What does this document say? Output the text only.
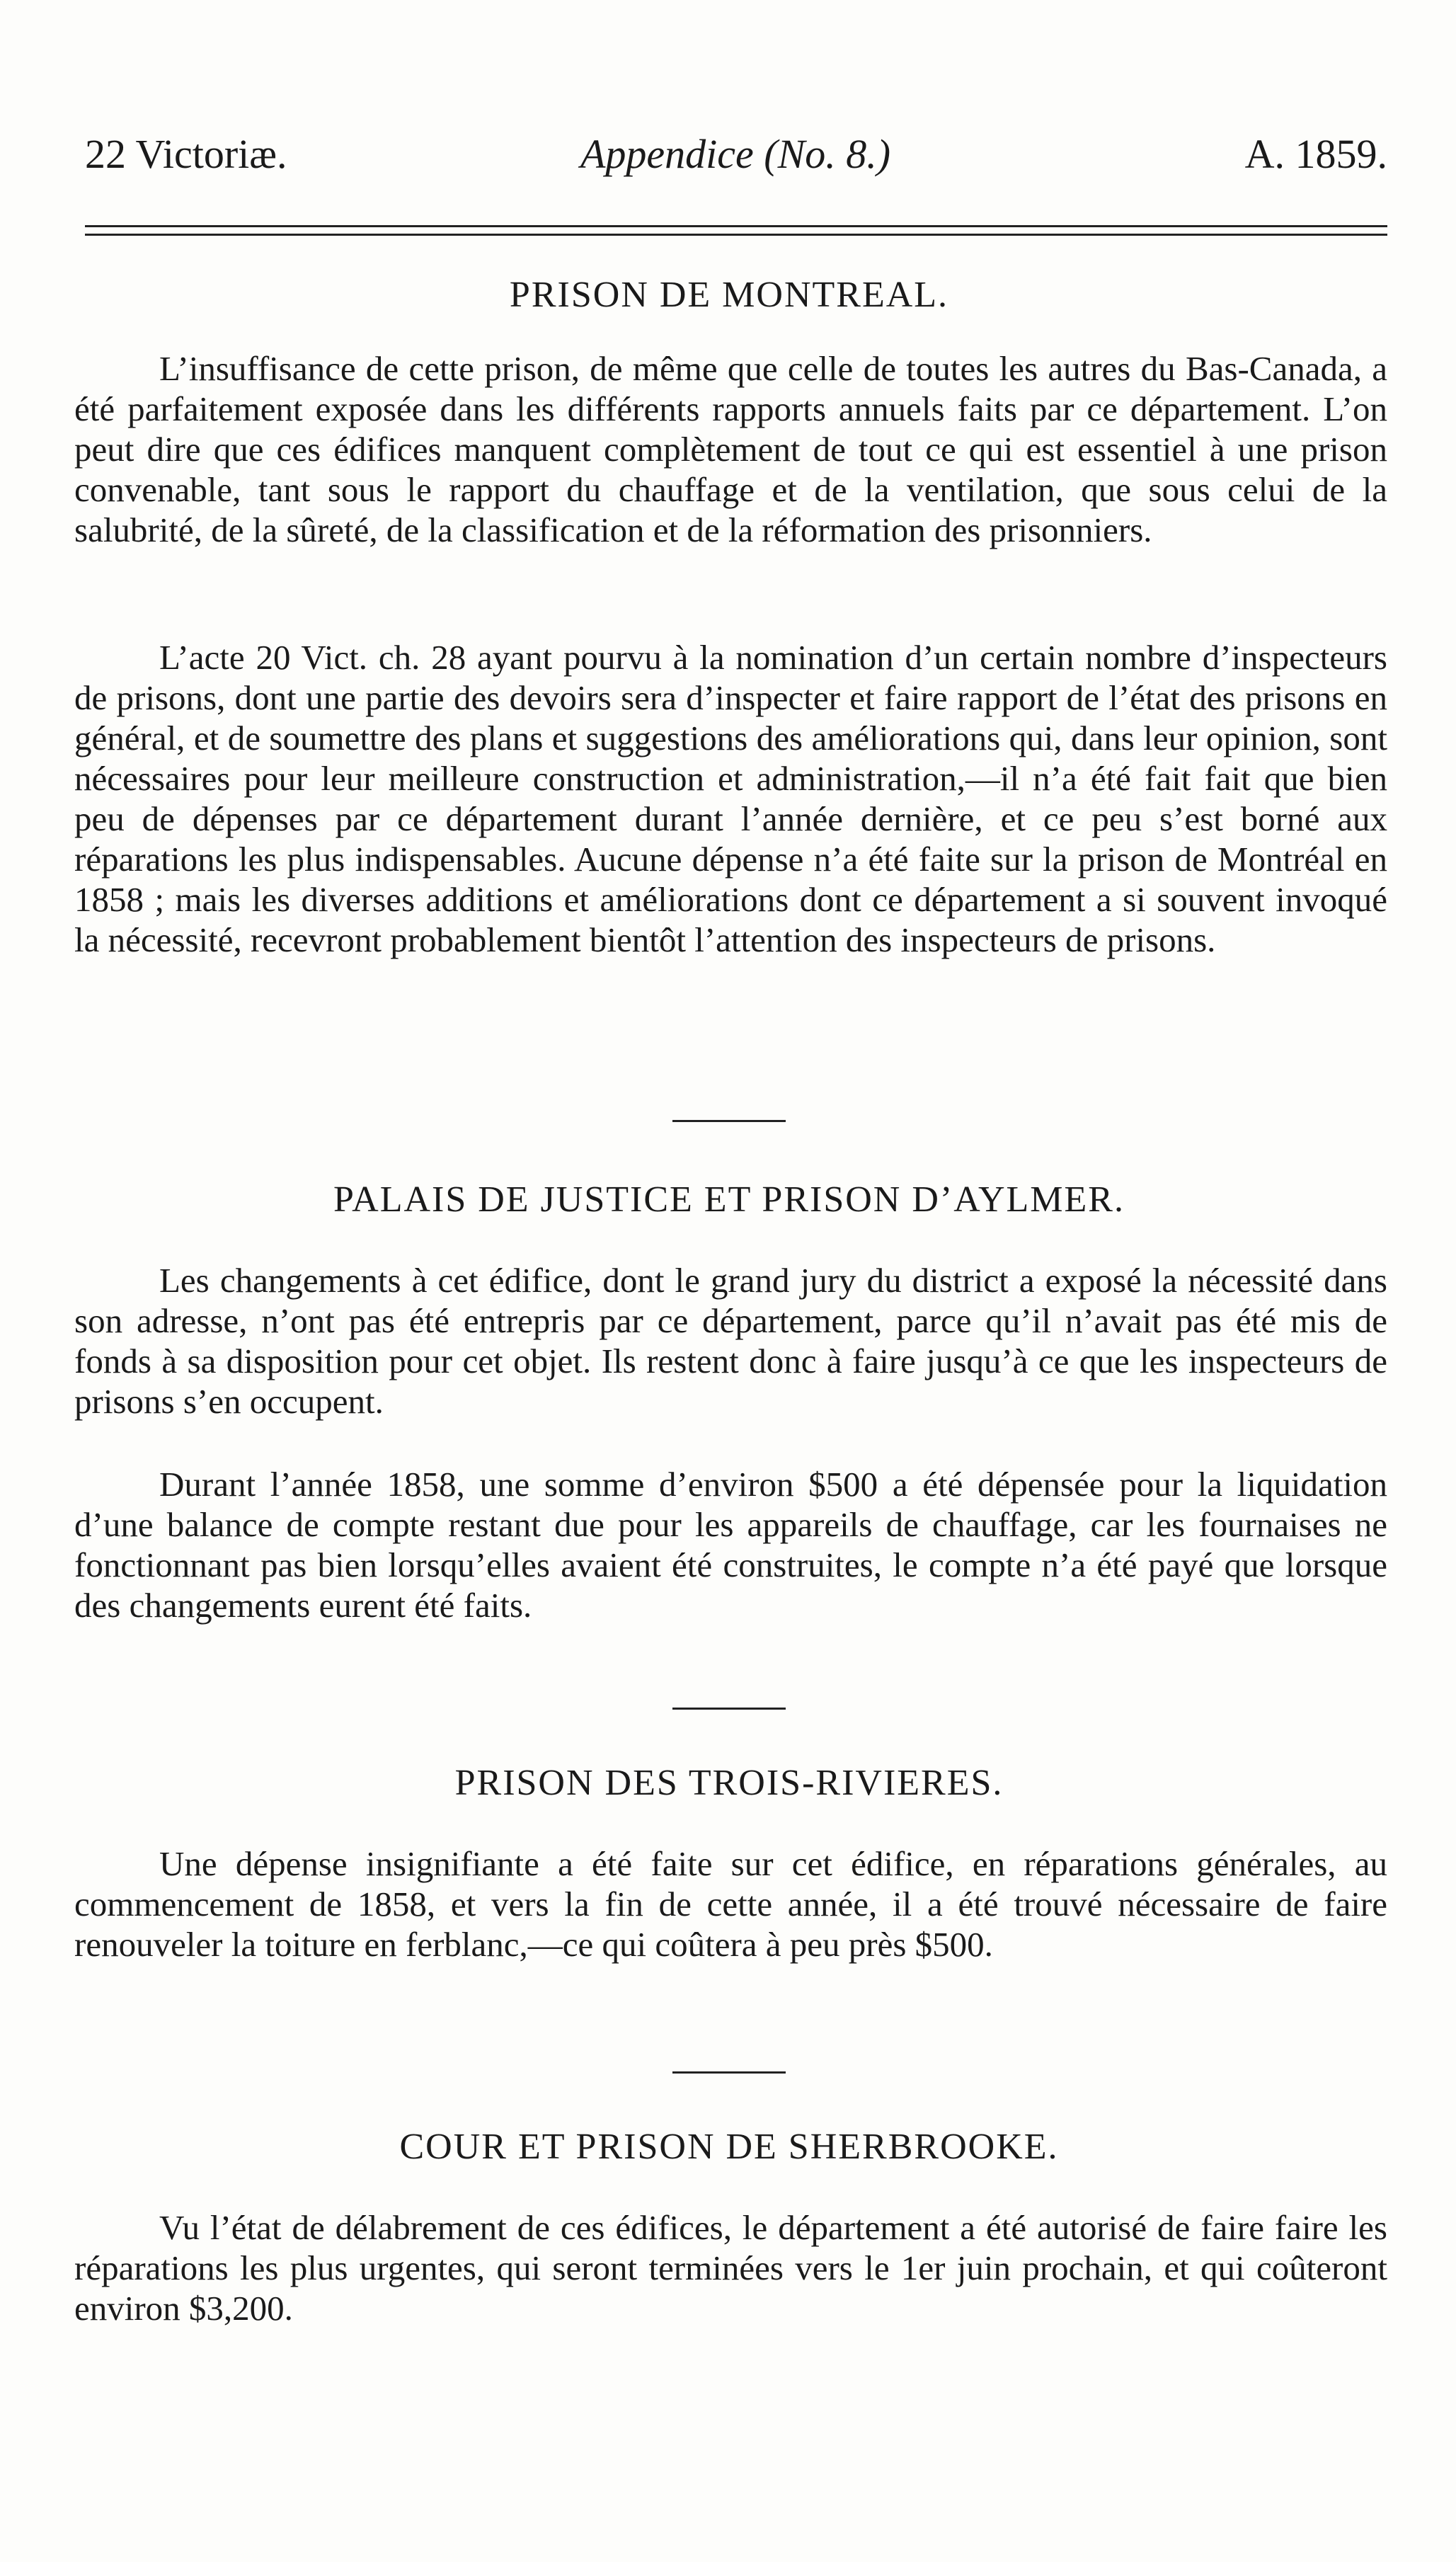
22 Victoriæ.	Appendice (No. 8.)	A. 1859.
PRISON DE MONTREAL.

L’insuffisance de cette prison, de même que celle de toutes les autres du Bas-Canada, a été parfaitement exposée dans les différents rapports annuels faits par ce département. L’on peut dire que ces édifices manquent complètement de tout ce qui est essentiel à une prison convenable, tant sous le rapport du chauffage et de la ventilation, que sous celui de la salubrité, de la sûreté, de la classification et de la réformation des prisonniers.

L’acte 20 Vict. ch. 28 ayant pourvu à la nomination d’un certain nombre d’inspecteurs de prisons, dont une partie des devoirs sera d’inspecter et faire rapport de l’état des prisons en général, et de soumettre des plans et suggestions des améliorations qui, dans leur opinion, sont nécessaires pour leur meilleure construction et administration,—il n’a été fait fait que bien peu de dépenses par ce département durant l’année dernière, et ce peu s’est borné aux réparations les plus indispensables. Aucune dépense n’a été faite sur la prison de Montréal en 1858 ; mais les diverses additions et améliorations dont ce département a si souvent invoqué la nécessité, recevront probablement bientôt l’attention des inspecteurs de prisons.

PALAIS DE JUSTICE ET PRISON D’AYLMER.

Les changements à cet édifice, dont le grand jury du district a exposé la nécessité dans son adresse, n’ont pas été entrepris par ce département, parce qu’il n’avait pas été mis de fonds à sa disposition pour cet objet. Ils restent donc à faire jusqu’à ce que les inspecteurs de prisons s’en occupent.

Durant l’année 1858, une somme d’environ $500 a été dépensée pour la liquidation d’une balance de compte restant due pour les appareils de chauffage, car les fournaises ne fonctionnant pas bien lorsqu’elles avaient été construites, le compte n’a été payé que lorsque des changements eurent été faits.

PRISON DES TROIS-RIVIERES.

Une dépense insignifiante a été faite sur cet édifice, en réparations générales, au commencement de 1858, et vers la fin de cette année, il a été trouvé nécessaire de faire renouveler la toiture en ferblanc,—ce qui coûtera à peu près $500.

COUR ET PRISON DE SHERBROOKE.

Vu l’état de délabrement de ces édifices, le département a été autorisé de faire faire les réparations les plus urgentes, qui seront terminées vers le 1er juin prochain, et qui coûteront environ $3,200.
